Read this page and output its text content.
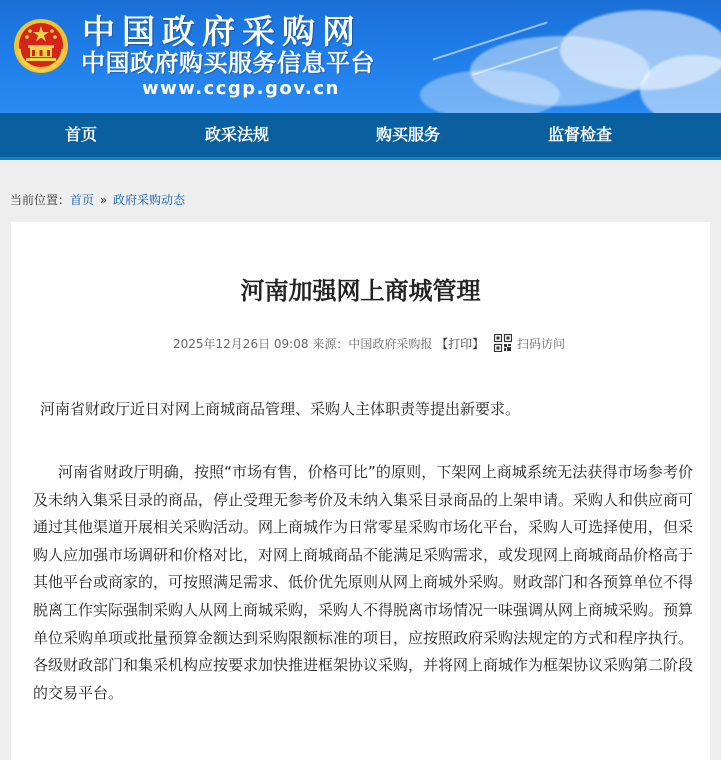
中国政府采购网
中国政府购买服务信息平台
www.ccgp.gov.cn
首页	政采法规	购买服务	监督检查
当前位置：首页 » 政府采购动态
河南加强网上商城管理
2025年12月26日 09:08 来源：中国政府采购报 【打印】	扫码访问

河南省财政厅近日对网上商城商品管理、采购人主体职责等提出新要求。

河南省财政厅明确，按照“市场有售，价格可比”的原则，下架网上商城系统无法获得市场参考价及未纳入集采目录的商品，停止受理无参考价及未纳入集采目录商品的上架申请。采购人和供应商可通过其他渠道开展相关采购活动。网上商城作为日常零星采购市场化平台，采购人可选择使用，但采购人应加强市场调研和价格对比，对网上商城商品不能满足采购需求，或发现网上商城商品价格高于其他平台或商家的，可按照满足需求、低价优先原则从网上商城外采购。财政部门和各预算单位不得脱离工作实际强制采购人从网上商城采购，采购人不得脱离市场情况一味强调从网上商城采购。预算单位采购单项或批量预算金额达到采购限额标准的项目，应按照政府采购法规定的方式和程序执行。各级财政部门和集采机构应按要求加快推进框架协议采购，并将网上商城作为框架协议采购第二阶段的交易平台。
